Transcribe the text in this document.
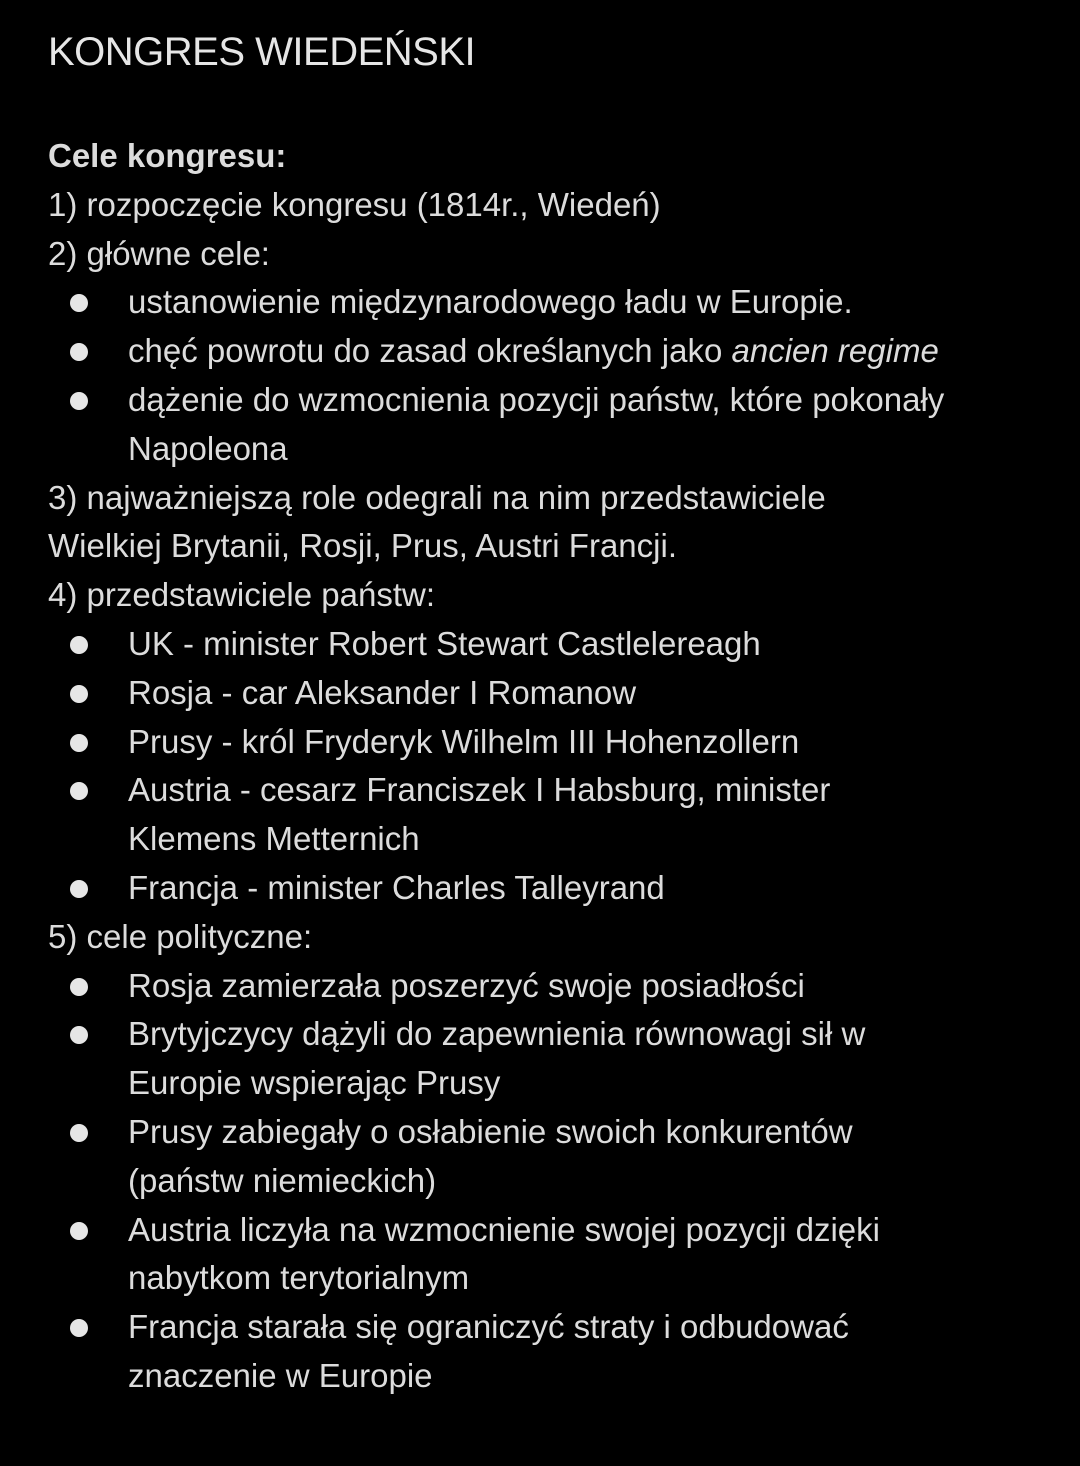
KONGRES WIEDEŃSKI
Cele kongresu:
1) rozpoczęcie kongresu (1814r., Wiedeń)
2) główne cele:
ustanowienie międzynarodowego ładu w Europie.
chęć powrotu do zasad określanych jako ancien regime
dążenie do wzmocnienia pozycji państw, które pokonały
Napoleona
3) najważniejszą role odegrali na nim przedstawiciele
Wielkiej Brytanii, Rosji, Prus, Austri Francji.
4) przedstawiciele państw:
UK - minister Robert Stewart Castlelereagh
Rosja - car Aleksander I Romanow
Prusy - król Fryderyk Wilhelm III Hohenzollern
Austria - cesarz Franciszek I Habsburg, minister
Klemens Metternich
Francja - minister Charles Talleyrand
5) cele polityczne:
Rosja zamierzała poszerzyć swoje posiadłości
Brytyjczycy dążyli do zapewnienia równowagi sił w
Europie wspierając Prusy
Prusy zabiegały o osłabienie swoich konkurentów
(państw niemieckich)
Austria liczyła na wzmocnienie swojej pozycji dzięki
nabytkom terytorialnym
Francja starała się ograniczyć straty i odbudować
znaczenie w Europie
